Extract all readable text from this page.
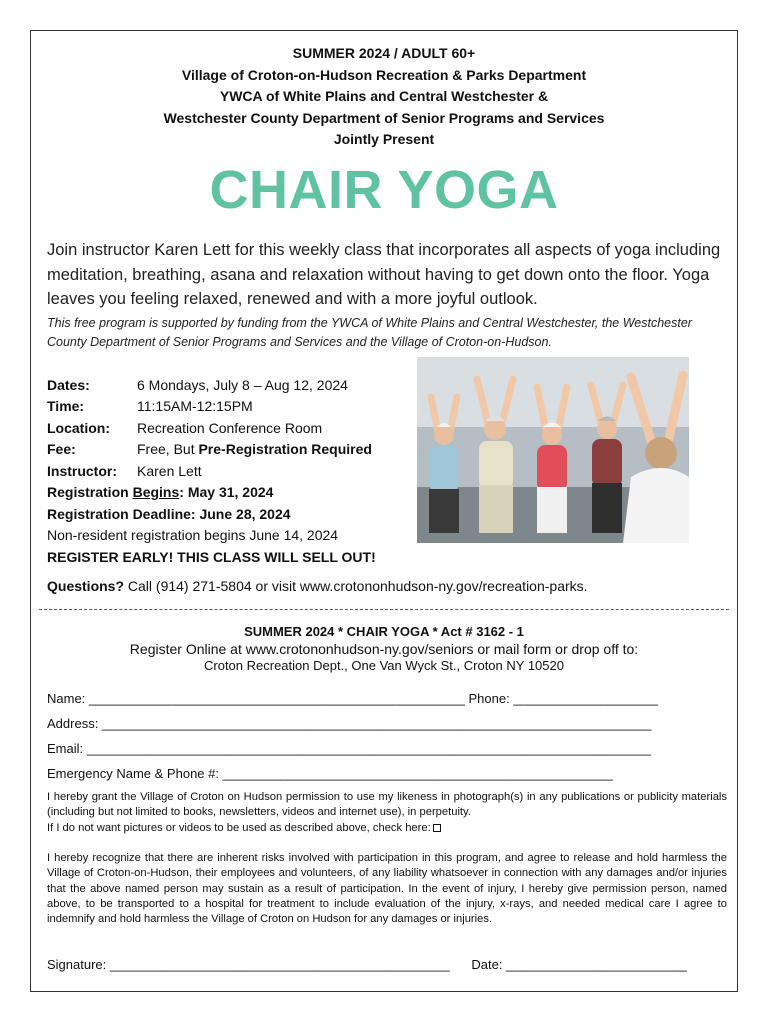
SUMMER 2024 / ADULT 60+
Village of Croton-on-Hudson Recreation & Parks Department
YWCA of White Plains and Central Westchester &
Westchester County Department of Senior Programs and Services
Jointly Present
CHAIR YOGA
Join instructor Karen Lett for this weekly class that incorporates all aspects of yoga including meditation, breathing, asana and relaxation without having to get down onto the floor. Yoga leaves you feeling relaxed, renewed and with a more joyful outlook.
This free program is supported by funding from the YWCA of White Plains and Central Westchester, the Westchester County Department of Senior Programs and Services and the Village of Croton-on-Hudson.
Dates:	6 Mondays, July 8 – Aug 12, 2024
Time:	11:15AM-12:15PM
Location: Recreation Conference Room
Fee:	Free, But Pre-Registration Required
Instructor: Karen Lett
Registration Begins: May 31, 2024
Registration Deadline: June 28, 2024
Non-resident registration begins June 14, 2024
REGISTER EARLY! THIS CLASS WILL SELL OUT!
Questions? Call (914) 271-5804 or visit www.crotononhudson-ny.gov/recreation-parks.
SUMMER 2024 * CHAIR YOGA * Act # 3162 - 1
Register Online at www.crotononhudson-ny.gov/seniors or mail form or drop off to:
Croton Recreation Dept., One Van Wyck St., Croton NY 10520
Name: ____________________________________________________ Phone: ____________________
Address: ____________________________________________________________________________
Email: ______________________________________________________________________________
Emergency Name & Phone #: ______________________________________________________
I hereby grant the Village of Croton on Hudson permission to use my likeness in photograph(s) in any publications or publicity materials (including but not limited to books, newsletters, videos and internet use), in perpetuity.
If I do not want pictures or videos to be used as described above, check here:
I hereby recognize that there are inherent risks involved with participation in this program, and agree to release and hold harmless the Village of Croton-on-Hudson, their employees and volunteers, of any liability whatsoever in connection with any damages and/or injuries that the above named person may sustain as a result of participation. In the event of injury, I hereby give permission person, named above, to be transported to a hospital for treatment to include evaluation of the injury, x-rays, and needed medical care I agree to indemnify and hold harmless the Village of Croton on Hudson for any damages or injuries.
Signature: _______________________________________________ Date: _________________________
